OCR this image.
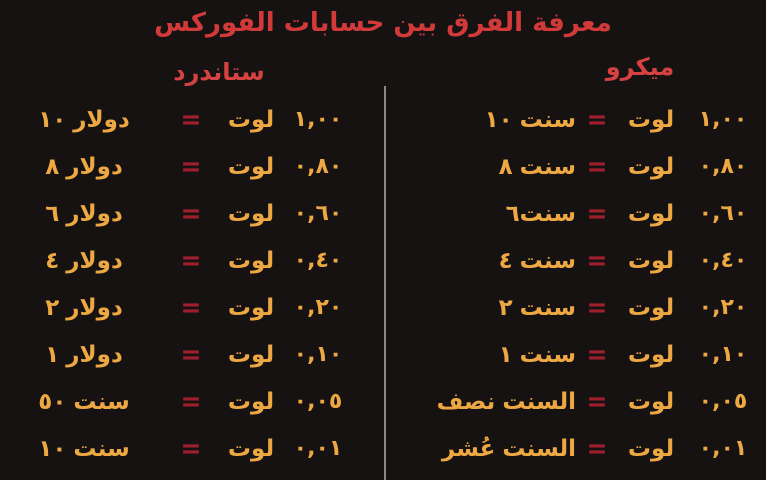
معرفة الفرق بين حسابات الفوركس
ستاندرد	ميكرو
١٠ دولار	=	لوت ١,٠٠
٨ دولار	=	لوت ٠,٨٠
٦ دولار	=	لوت ٠,٦٠
٤ دولار	=	لوت ٠,٤٠
٢ دولار	=	لوت ٠,٢٠
١ دولار	=	لوت ٠,١٠
٥٠ سنت	=	لوت ٠,٠٥
١٠ سنت	=	لوت ٠,٠١
١٠ سنت = لوت	١,٠٠
٨ سنت = لوت	٠,٨٠
٦ سنت = لوت	٠,٦٠
٤ سنت = لوت	٠,٤٠
٢ سنت = لوت	٠,٢٠
١ سنت = لوت	٠,١٠
نصف السنت = لوت	٠,٠٥
عُشر السنت = لوت	٠,٠١
